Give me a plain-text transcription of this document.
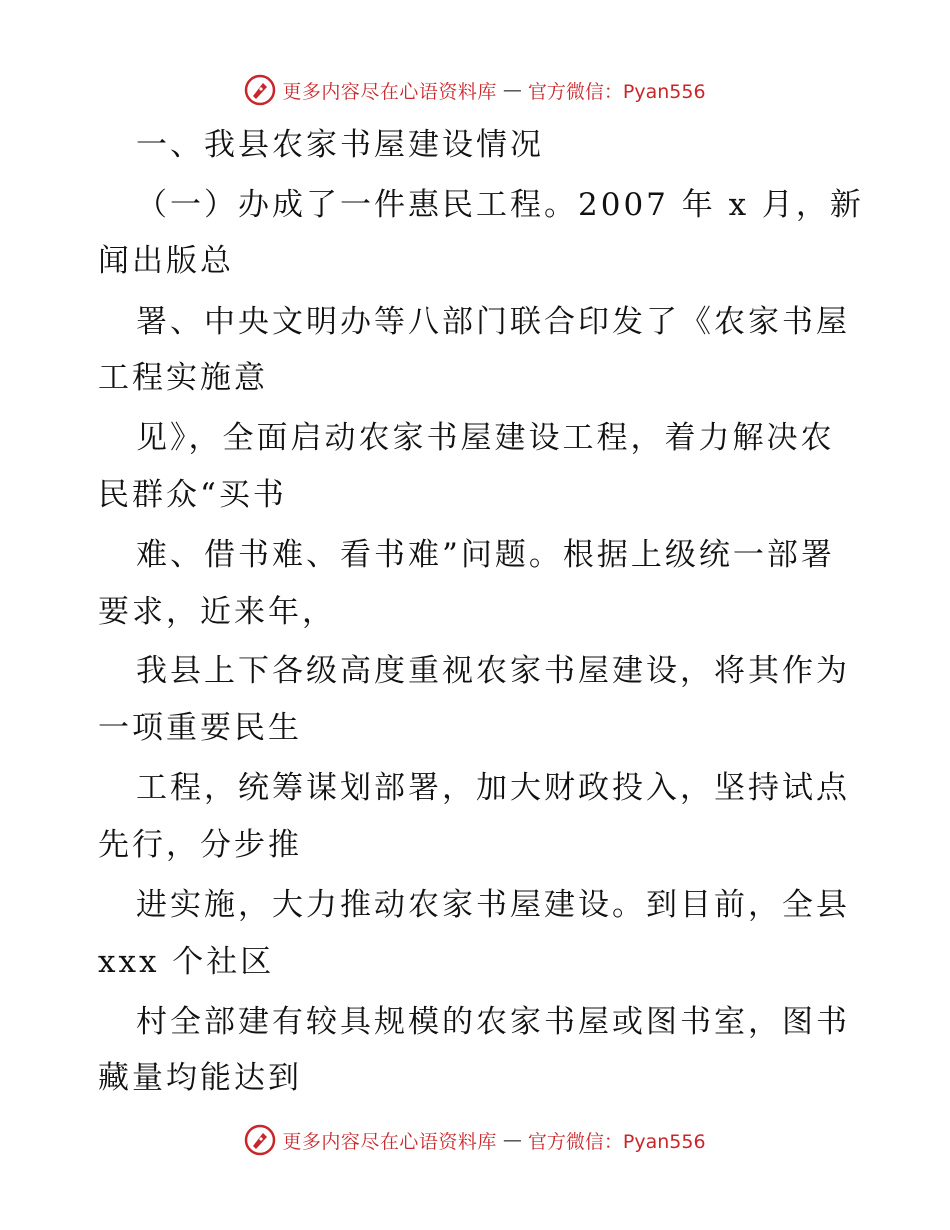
更多内容尽在心语资料库 — 官方微信：Pyan556
一、我县农家书屋建设情况
（一）办成了一件惠民工程。2007 年 x 月，新
闻出版总
署、中央文明办等八部门联合印发了《农家书屋
工程实施意
见》，全面启动农家书屋建设工程，着力解决农
民群众“买书
难、借书难、看书难”问题。根据上级统一部署
要求，近来年，
我县上下各级高度重视农家书屋建设，将其作为
一项重要民生
工程，统筹谋划部署，加大财政投入，坚持试点
先行，分步推
进实施，大力推动农家书屋建设。到目前，全县
xxx 个社区
村全部建有较具规模的农家书屋或图书室，图书
藏量均能达到
更多内容尽在心语资料库 — 官方微信：Pyan556
